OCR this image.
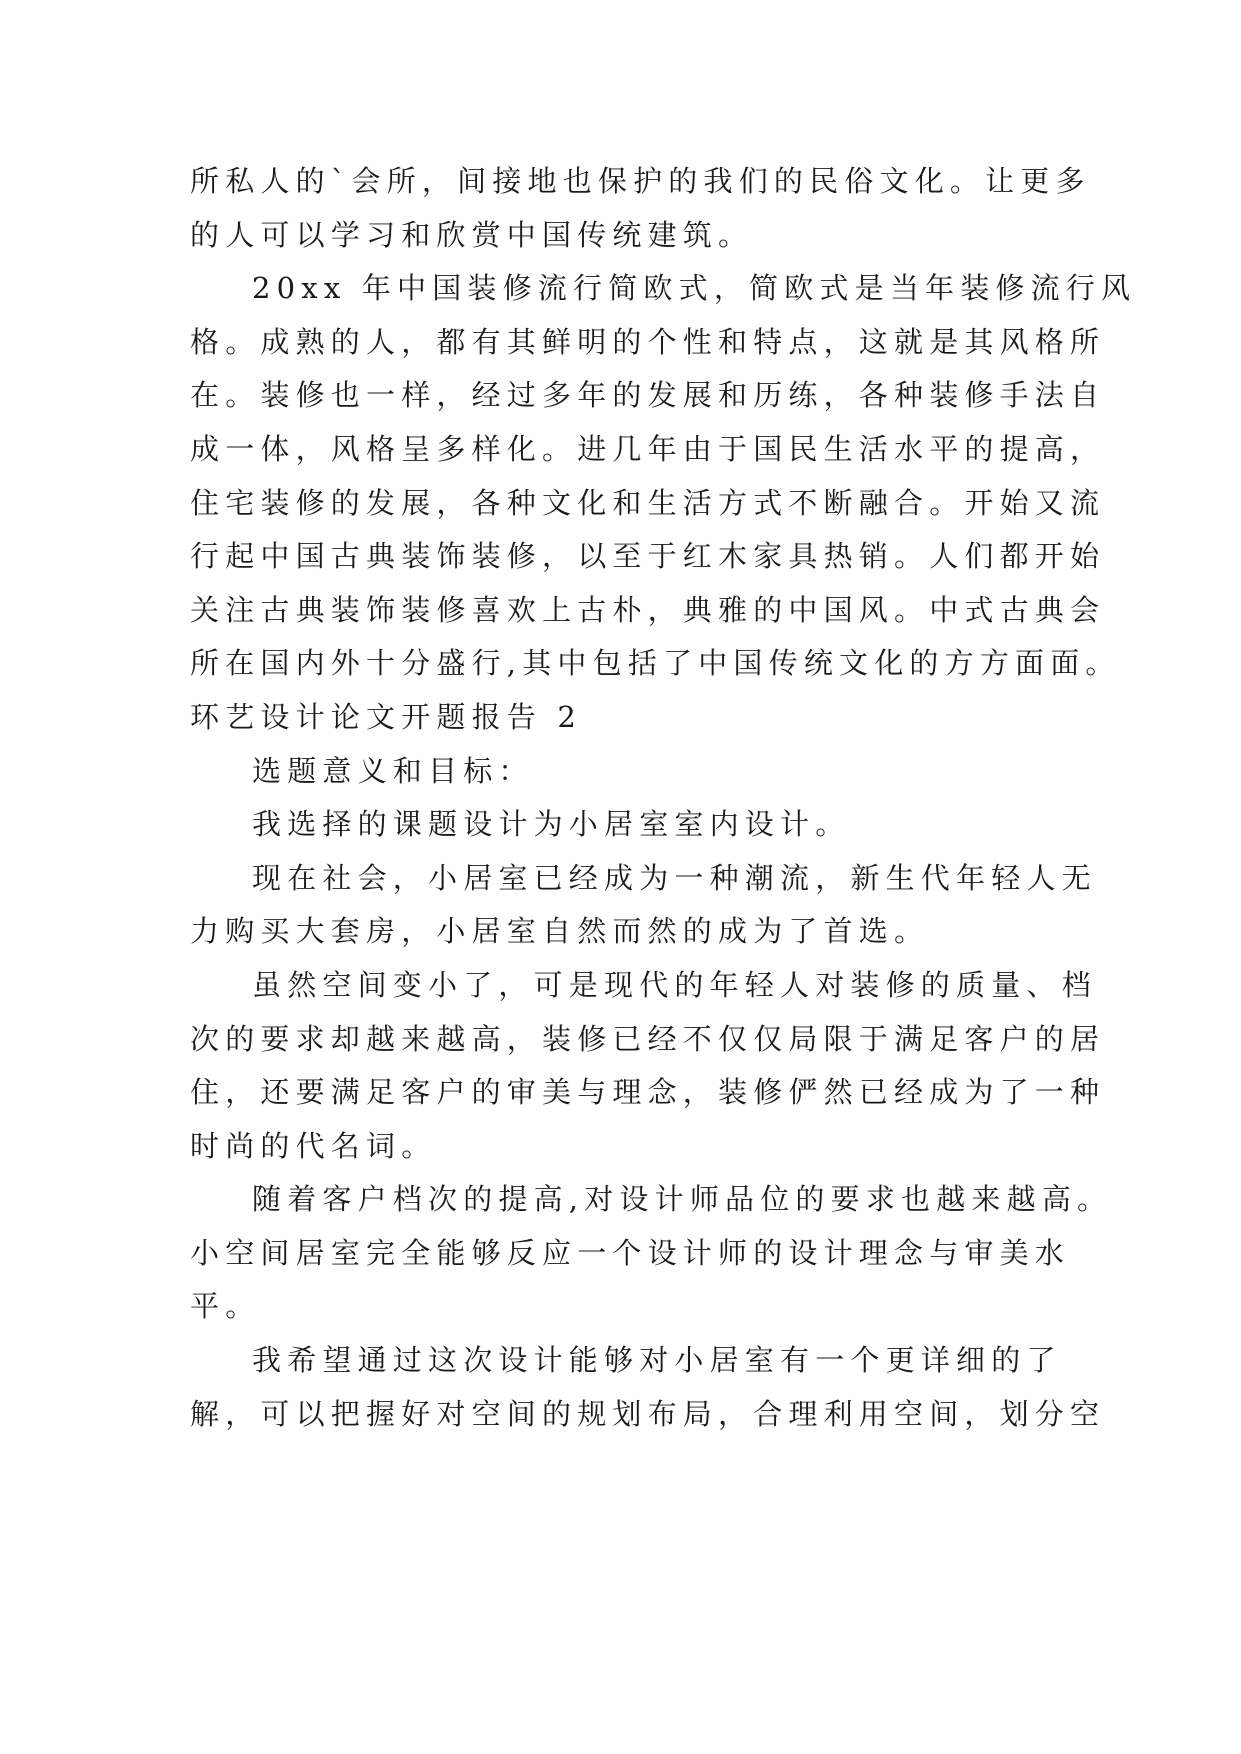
所私人的`会所，间接地也保护的我们的民俗文化。让更多
的人可以学习和欣赏中国传统建筑。
20xx 年中国装修流行简欧式，简欧式是当年装修流行风
格。成熟的人，都有其鲜明的个性和特点，这就是其风格所
在。装修也一样，经过多年的发展和历练，各种装修手法自
成一体，风格呈多样化。进几年由于国民生活水平的提高，
住宅装修的发展，各种文化和生活方式不断融合。开始又流
行起中国古典装饰装修，以至于红木家具热销。人们都开始
关注古典装饰装修喜欢上古朴，典雅的中国风。中式古典会
所在国内外十分盛行,其中包括了中国传统文化的方方面面。
环艺设计论文开题报告 2
选题意义和目标：
我选择的课题设计为小居室室内设计。
现在社会，小居室已经成为一种潮流，新生代年轻人无
力购买大套房，小居室自然而然的成为了首选。
虽然空间变小了，可是现代的年轻人对装修的质量、档
次的要求却越来越高，装修已经不仅仅局限于满足客户的居
住，还要满足客户的审美与理念，装修俨然已经成为了一种
时尚的代名词。
随着客户档次的提高,对设计师品位的要求也越来越高。
小空间居室完全能够反应一个设计师的设计理念与审美水
平。
我希望通过这次设计能够对小居室有一个更详细的了
解，可以把握好对空间的规划布局，合理利用空间，划分空
